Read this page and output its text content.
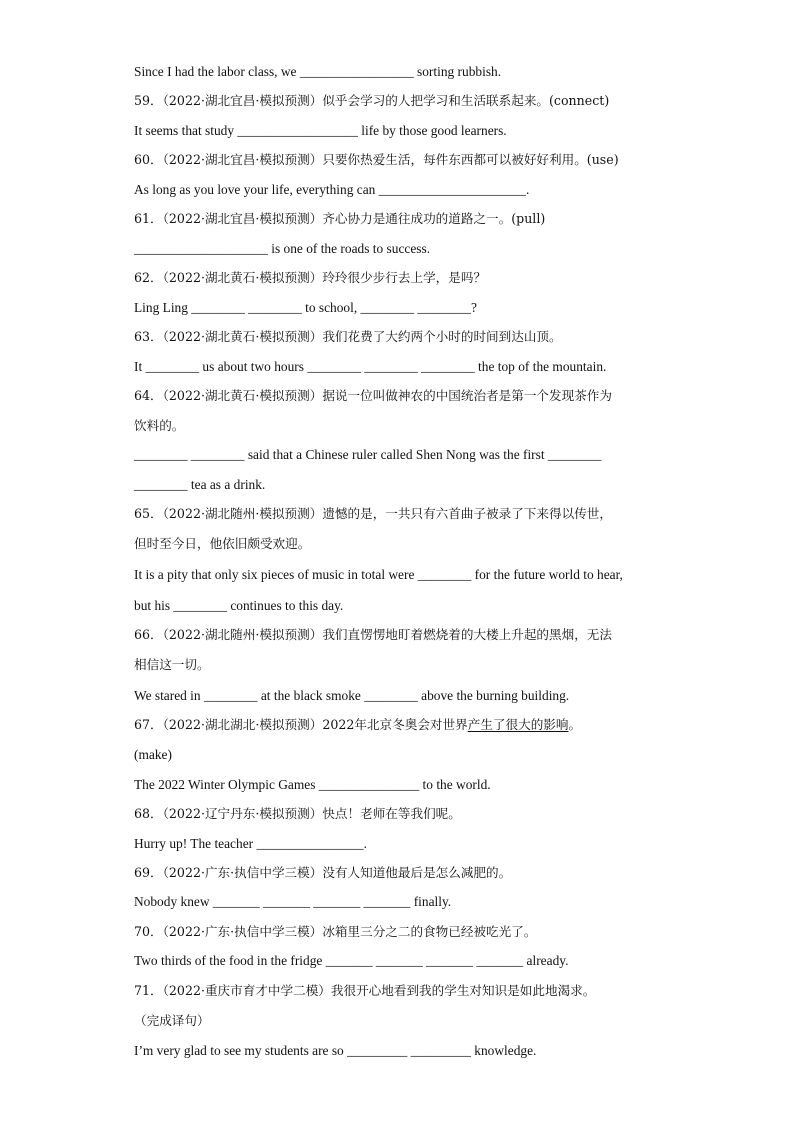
Since I had the labor class, we _________________ sorting rubbish.
59．（2022·湖北宜昌·模拟预测）似乎会学习的人把学习和生活联系起来。(connect)
It seems that study __________________ life by those good learners.
60．（2022·湖北宜昌·模拟预测）只要你热爱生活，每件东西都可以被好好利用。(use)
As long as you love your life, everything can ______________________.
61．（2022·湖北宜昌·模拟预测）齐心协力是通往成功的道路之一。(pull)
____________________ is one of the roads to success.
62．（2022·湖北黄石·模拟预测）玲玲很少步行去上学，是吗？
Ling Ling ________ ________ to school, ________ ________?
63．（2022·湖北黄石·模拟预测）我们花费了大约两个小时的时间到达山顶。
It ________ us about two hours ________ ________ ________ the top of the mountain.
64．（2022·湖北黄石·模拟预测）据说一位叫做神农的中国统治者是第一个发现茶作为
饮料的。
________ ________ said that a Chinese ruler called Shen Nong was the first ________
________ tea as a drink.
65．（2022·湖北随州·模拟预测）遗憾的是，一共只有六首曲子被录了下来得以传世，
但时至今日，他依旧颇受欢迎。
It is a pity that only six pieces of music in total were ________ for the future world to hear,
but his ________ continues to this day.
66．（2022·湖北随州·模拟预测）我们直愣愣地盯着燃烧着的大楼上升起的黑烟，无法
相信这一切。
We stared in ________ at the black smoke ________ above the burning building.
67．（2022·湖北湖北·模拟预测）2022年北京冬奥会对世界产生了很大的影响。
(make)
The 2022 Winter Olympic Games _______________ to the world.
68．（2022·辽宁丹东·模拟预测）快点！老师在等我们呢。
Hurry up! The teacher ________________.
69．（2022·广东·执信中学三模）没有人知道他最后是怎么减肥的。
Nobody knew _______ _______ _______ _______ finally.
70．（2022·广东·执信中学三模）冰箱里三分之二的食物已经被吃光了。
Two thirds of the food in the fridge _______ _______ _______ _______ already.
71．（2022·重庆市育才中学二模）我很开心地看到我的学生对知识是如此地渴求。
（完成译句）
I’m very glad to see my students are so _________ _________ knowledge.
